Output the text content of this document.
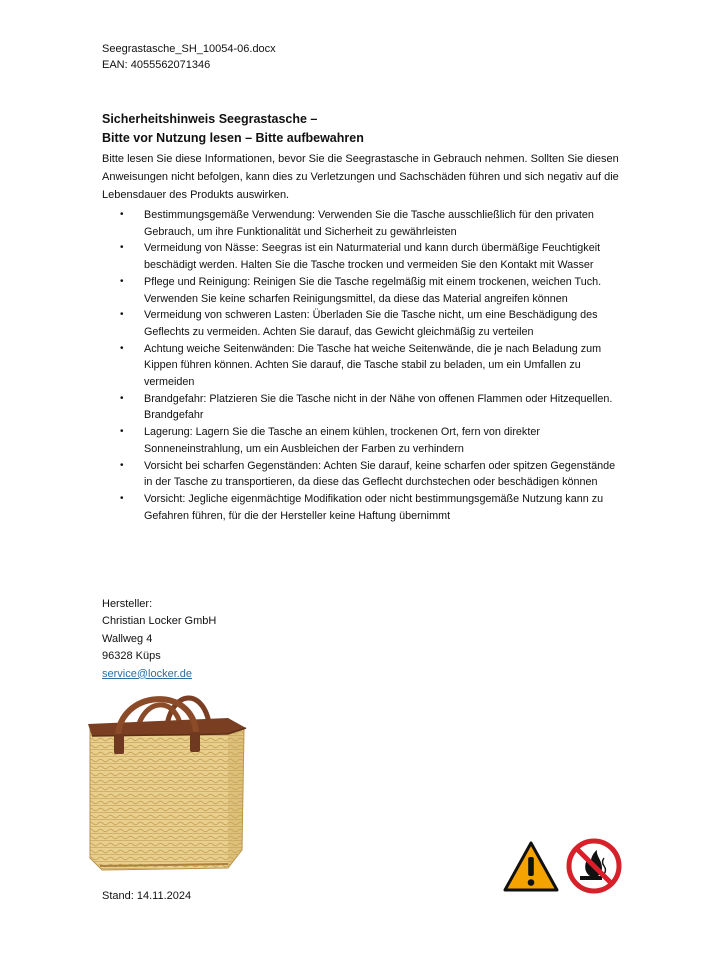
Seegrastasche_SH_10054-06.docx
EAN: 4055562071346
Sicherheitshinweis Seegrastasche –
Bitte vor Nutzung lesen – Bitte aufbewahren
Bitte lesen Sie diese Informationen, bevor Sie die Seegrastasche in Gebrauch nehmen. Sollten Sie diesen Anweisungen nicht befolgen, kann dies zu Verletzungen und Sachschäden führen und sich negativ auf die Lebensdauer des Produkts auswirken.
• Bestimmungsgemäße Verwendung: Verwenden Sie die Tasche ausschließlich für den privaten Gebrauch, um ihre Funktionalität und Sicherheit zu gewährleisten
• Vermeidung von Nässe: Seegras ist ein Naturmaterial und kann durch übermäßige Feuchtigkeit beschädigt werden. Halten Sie die Tasche trocken und vermeiden Sie den Kontakt mit Wasser
• Pflege und Reinigung: Reinigen Sie die Tasche regelmäßig mit einem trockenen, weichen Tuch. Verwenden Sie keine scharfen Reinigungsmittel, da diese das Material angreifen können
• Vermeidung von schweren Lasten: Überladen Sie die Tasche nicht, um eine Beschädigung des Geflechts zu vermeiden. Achten Sie darauf, das Gewicht gleichmäßig zu verteilen
• Achtung weiche Seitenwänden: Die Tasche hat weiche Seitenwände, die je nach Beladung zum Kippen führen können. Achten Sie darauf, die Tasche stabil zu beladen, um ein Umfallen zu vermeiden
• Brandgefahr: Platzieren Sie die Tasche nicht in der Nähe von offenen Flammen oder Hitzequellen. Brandgefahr
• Lagerung: Lagern Sie die Tasche an einem kühlen, trockenen Ort, fern von direkter Sonneneinstrahlung, um ein Ausbleichen der Farben zu verhindern
• Vorsicht bei scharfen Gegenständen: Achten Sie darauf, keine scharfen oder spitzen Gegenstände in der Tasche zu transportieren, da diese das Geflecht durchstechen oder beschädigen können
• Vorsicht: Jegliche eigenmächtige Modifikation oder nicht bestimmungsgemäße Nutzung kann zu Gefahren führen, für die der Hersteller keine Haftung übernimmt
Hersteller:
Christian Locker GmbH
Wallweg 4
96328 Küps
service@locker.de
Stand: 14.11.2024
